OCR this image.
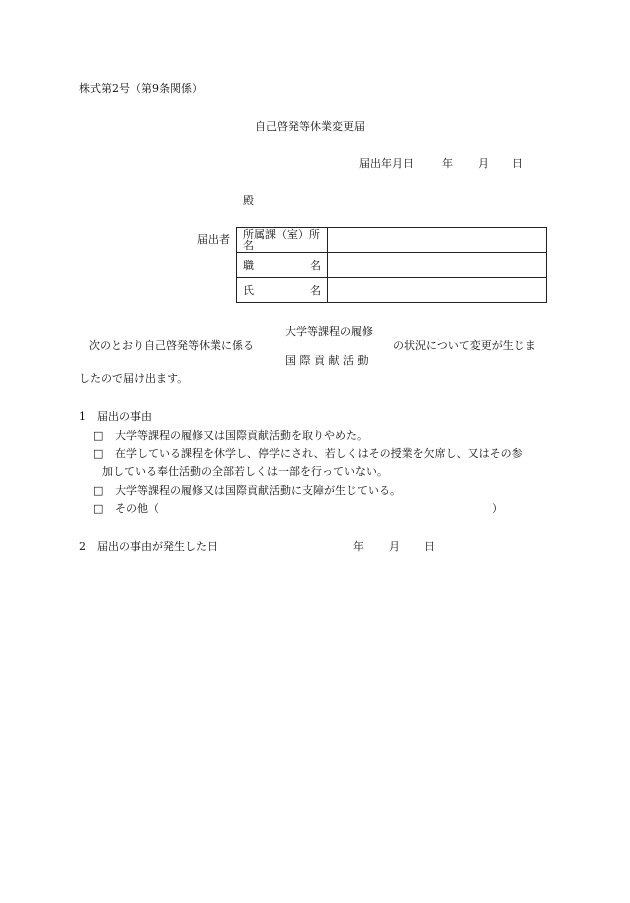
株式第2号（第9条関係）
自己啓発等休業変更届
届出年月日	年 月 日
殿
届出者 所属課（室）所名	

職 名	

氏 名	

大学等課程の履修
次のとおり自己啓発等休業に係る	の状況について変更が生じま
国 際 貢 献 活 動
したので届け出ます。
1　届出の事由
□ 大学等課程の履修又は国際貢献活動を取りやめた。
□ 在学している課程を休学し、停学にされ、若しくはその授業を欠席し、又はその参
加している奉仕活動の全部若しくは一部を行っていない。
□ 大学等課程の履修又は国際貢献活動に支障が生じている。
□ その他（	）
2　届出の事由が発生した日	年 月 日
